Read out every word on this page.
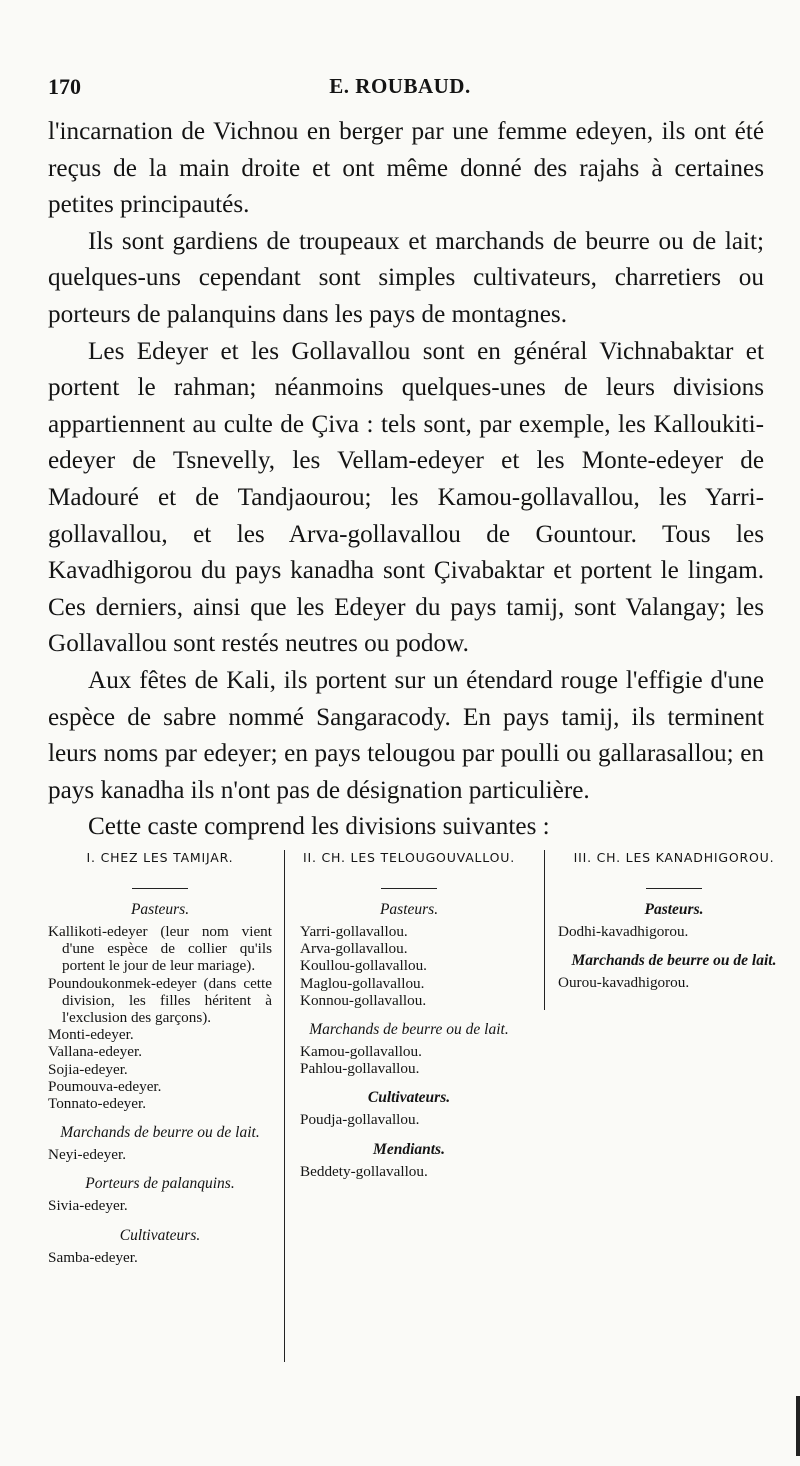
170	E. ROUBAUD.

l'incarnation de Vichnou en berger par une femme edeyen, ils ont été reçus de la main droite et ont même donné des rajahs à certaines petites principautés.

Ils sont gardiens de troupeaux et marchands de beurre ou de lait; quelques-uns cependant sont simples cultivateurs, charretiers ou porteurs de palanquins dans les pays de montagnes.

Les Edeyer et les Gollavallou sont en général Vichnabaktar et portent le rahman; néanmoins quelques-unes de leurs divisions appartiennent au culte de Çiva : tels sont, par exemple, les Kalloukiti-edeyer de Tsnevelly, les Vellam-edeyer et les Monte-edeyer de Madouré et de Tandjaourou; les Kamou-gollavallou, les Yarri-gollavallou, et les Arva-gollavallou de Gountour. Tous les Kavadhigorou du pays kanadha sont Çivabaktar et portent le lingam. Ces derniers, ainsi que les Edeyer du pays tamij, sont Valangay; les Gollavallou sont restés neutres ou podow.

Aux fêtes de Kali, ils portent sur un étendard rouge l'effigie d'une espèce de sabre nommé Sangaracody. En pays tamij, ils terminent leurs noms par edeyer; en pays telougou par poulli ou gallarasallou; en pays kanadha ils n'ont pas de désignation particulière.

Cette caste comprend les divisions suivantes :

I. CHEZ LES TAMIJAR.
Pasteurs.
Kallikoti-edeyer (leur nom vient d'une espèce de collier qu'ils portent le jour de leur mariage).
Poundoukonmek-edeyer (dans cette division, les filles héritent à l'exclusion des garçons).
Monti-edeyer.
Vallana-edeyer.
Sojia-edeyer.
Poumouva-edeyer.
Tonnato-edeyer.
Marchands de beurre ou de lait.
Neyi-edeyer.
Porteurs de palanquins.
Sivia-edeyer.
Cultivateurs.
Samba-edeyer.
II. CH. LES TELOUGOUVALLOU.
Pasteurs.
Yarri-gollavallou.
Arva-gollavallou.
Koullou-gollavallou.
Maglou-gollavallou.
Konnou-gollavallou.
Marchands de beurre ou de lait.
Kamou-gollavallou.
Pahlou-gollavallou.
Cultivateurs.
Poudja-gollavallou.
Mendiants.
Beddety-gollavallou.
III. CH. LES KANADHIGOROU.
Pasteurs.
Dodhi-kavadhigorou.
Marchands de beurre ou de lait.
Ourou-kavadhigorou.
